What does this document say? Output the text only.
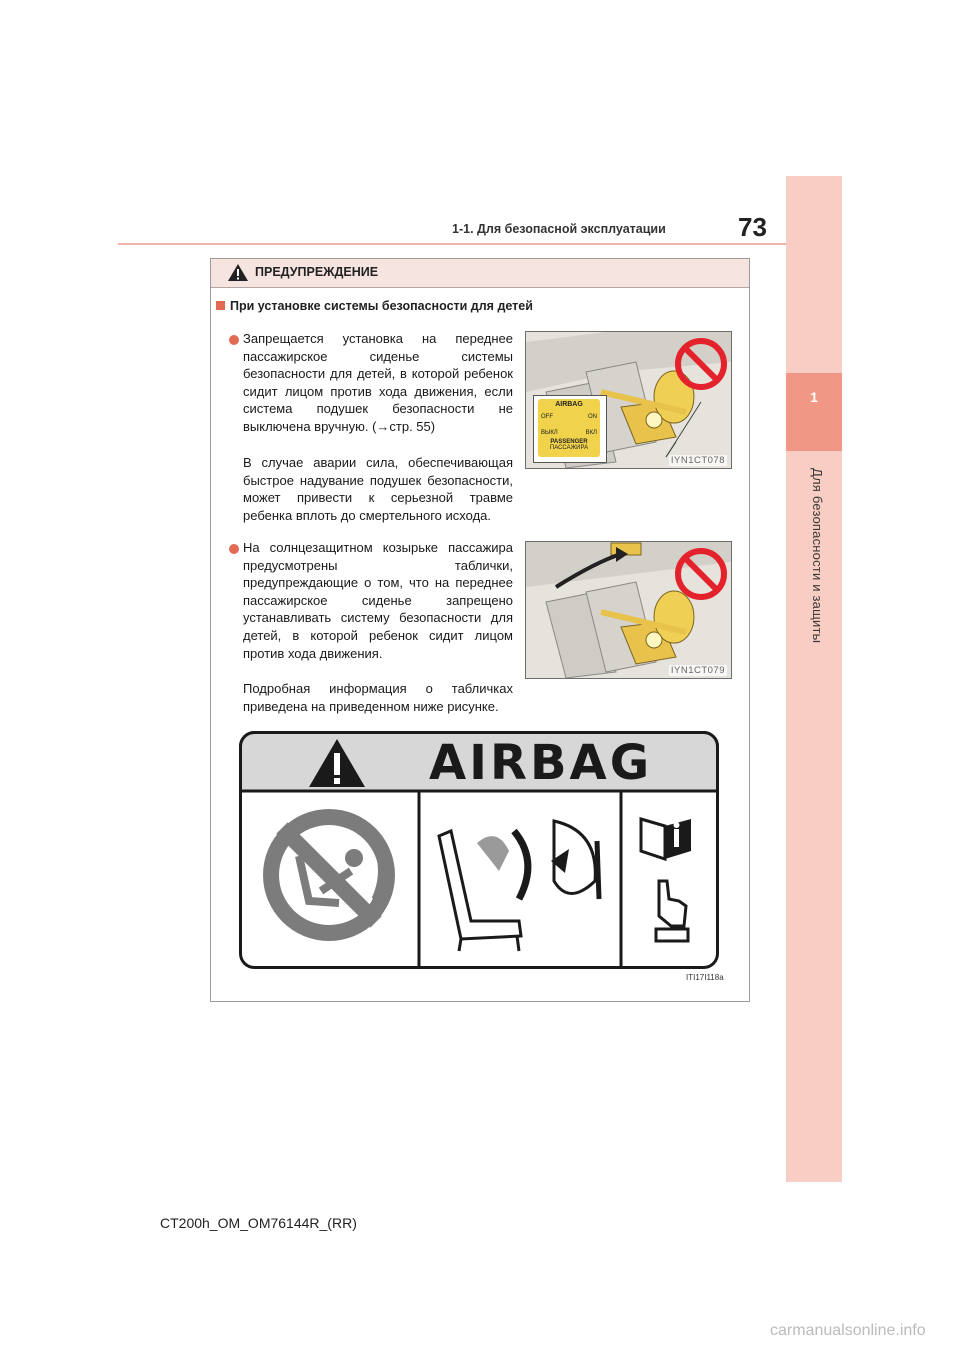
1-1. Для безопасной эксплуатации	73
1
Для безопасности и защиты
ПРЕДУПРЕЖДЕНИЕ
При установке системы безопасности для детей
Запрещается установка на переднее пассажирское сиденье системы безопасности для детей, в которой ребенок сидит лицом против хода движения, если система подушек безопасности не выключена вручную. (→стр. 55)
В случае аварии сила, обеспечивающая быстрое надувание подушек безопасности, может привести к серьезной травме ребенка вплоть до смертельного исхода.
AIRBAG
OFF	ON
ВЫКЛ	ВКЛ
PASSENGER
ПАССАЖИРА
IYN1CT078
На солнцезащитном козырьке пассажира предусмотрены таблички, предупреждающие о том, что на переднее пассажирское сиденье запрещено устанавливать систему безопасности для детей, в которой ребенок сидит лицом против хода движения.
Подробная информация о табличках приведена на приведенном ниже рисунке.
IYN1CT079
AIRBAG
ITI17I118a
CT200h_OM_OM76144R_(RR)
carmanualsonline.info
